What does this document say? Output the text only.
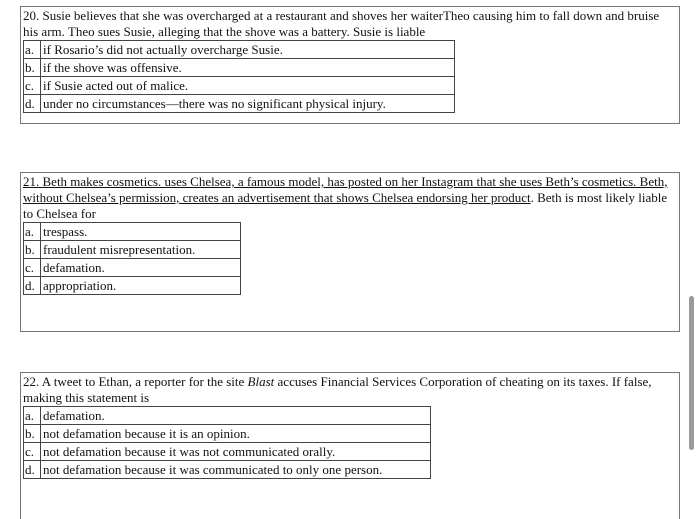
20. Susie believes that she was overcharged at a restaurant and shoves her waiterTheo causing him to fall down and bruise his arm. Theo sues Susie, alleging that the shove was a battery. Susie is liable

a.	if Rosario’s did not actually overcharge Susie.
b.	if the shove was offensive.
c.	if Susie acted out of malice.
d.	under no circumstances—there was no significant physical injury.

21. Beth makes cosmetics. uses Chelsea, a famous model, has posted on her Instagram that she uses Beth’s cosmetics. Beth, without Chelsea’s permission, creates an advertisement that shows Chelsea endorsing her product. Beth is most likely liable to Chelsea for

a.	trespass.
b.	fraudulent misrepresentation.
c.	defamation.
d.	appropriation.

22. A tweet to Ethan, a reporter for the site Blast accuses Financial Services Corporation of cheating on its taxes. If false, making this statement is

a.	defamation.
b.	not defamation because it is an opinion.
c.	not defamation because it was not communicated orally.
d.	not defamation because it was communicated to only one person.
